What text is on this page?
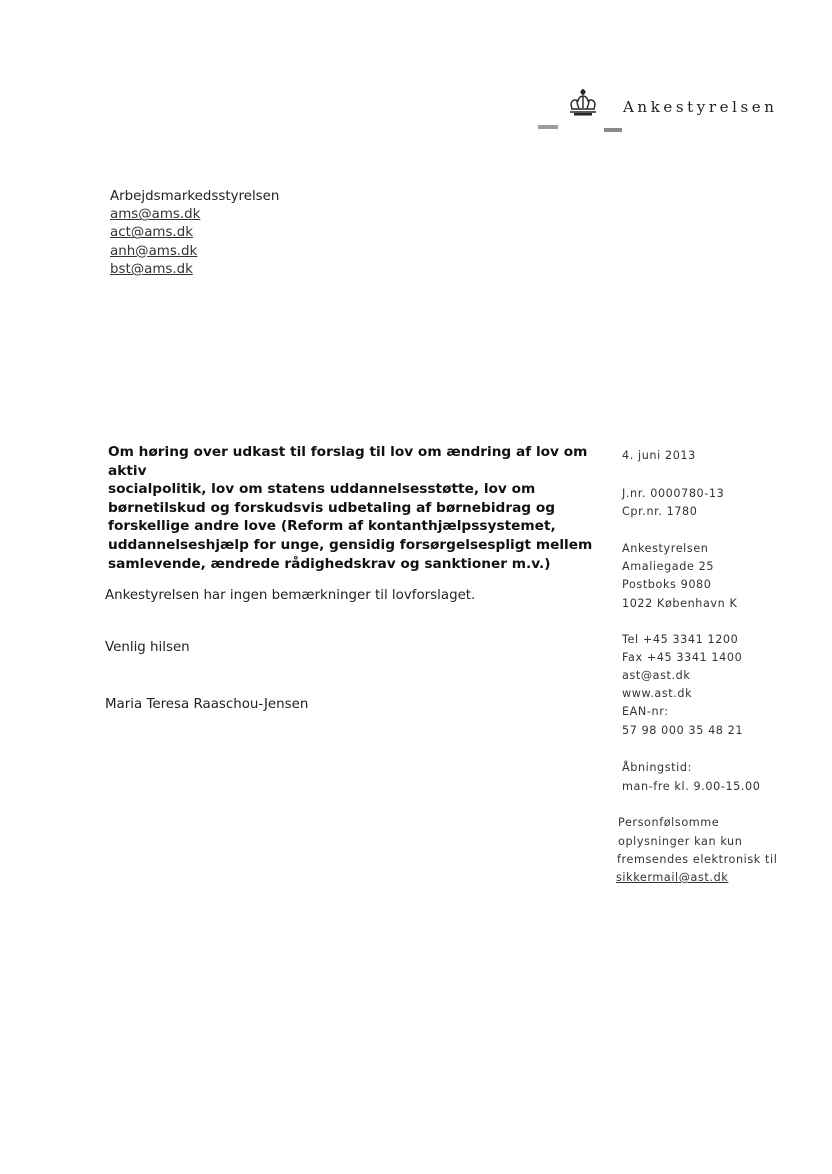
Ankestyrelsen
Arbejdsmarkedsstyrelsen
ams@ams.dk
act@ams.dk
anh@ams.dk
bst@ams.dk
Om høring over udkast til forslag til lov om ændring af lov om aktiv
socialpolitik, lov om statens uddannelsesstøtte, lov om
børnetilskud og forskudsvis udbetaling af børnebidrag og
forskellige andre love (Reform af kontanthjælpssystemet,
uddannelseshjælp for unge, gensidig forsørgelsespligt mellem
samlevende, ændrede rådighedskrav og sanktioner m.v.)
Ankestyrelsen har ingen bemærkninger til lovforslaget.
Venlig hilsen
Maria Teresa Raaschou-Jensen
4. juni 2013
J.nr. 0000780-13
Cpr.nr. 1780
Ankestyrelsen
Amaliegade 25
Postboks 9080
1022 København K
Tel +45 3341 1200
Fax +45 3341 1400
ast@ast.dk
www.ast.dk
EAN-nr:
57 98 000 35 48 21
Åbningstid:
man-fre kl. 9.00-15.00
Personfølsomme
oplysninger kan kun
fremsendes elektronisk til
sikkermail@ast.dk
